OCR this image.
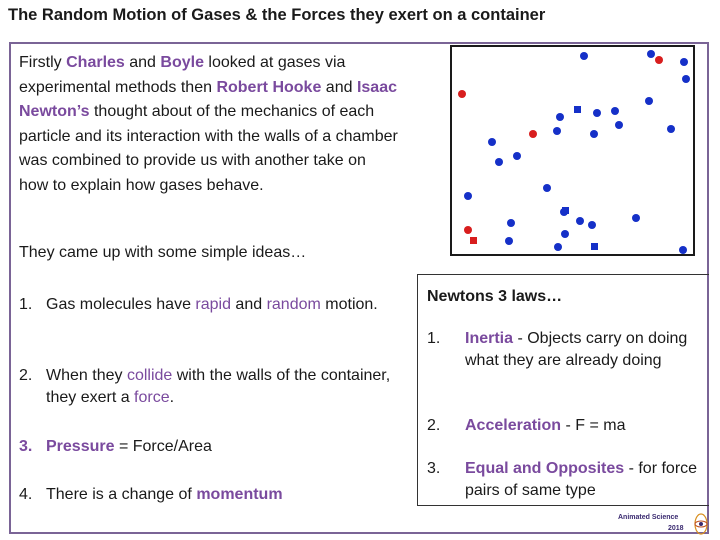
The Random Motion of Gases & the Forces they exert on a container
Firstly Charles and Boyle looked at gases via experimental methods then Robert Hooke and Isaac Newton’s thought about of the mechanics of each particle and its interaction with the walls of a chamber was combined to provide us with another take on how to explain how gases behave.
They came up with some simple ideas…
1. Gas molecules have rapid and random motion.
2. When they collide with the walls of the container, they exert a force.
3. Pressure = Force/Area
4. There is a change of momentum
Newtons 3 laws…
1.	Inertia - Objects carry on doing what they are already doing
2.	Acceleration - F = ma
3.	Equal and Opposites - for force pairs of same type
Animated Science
2018
